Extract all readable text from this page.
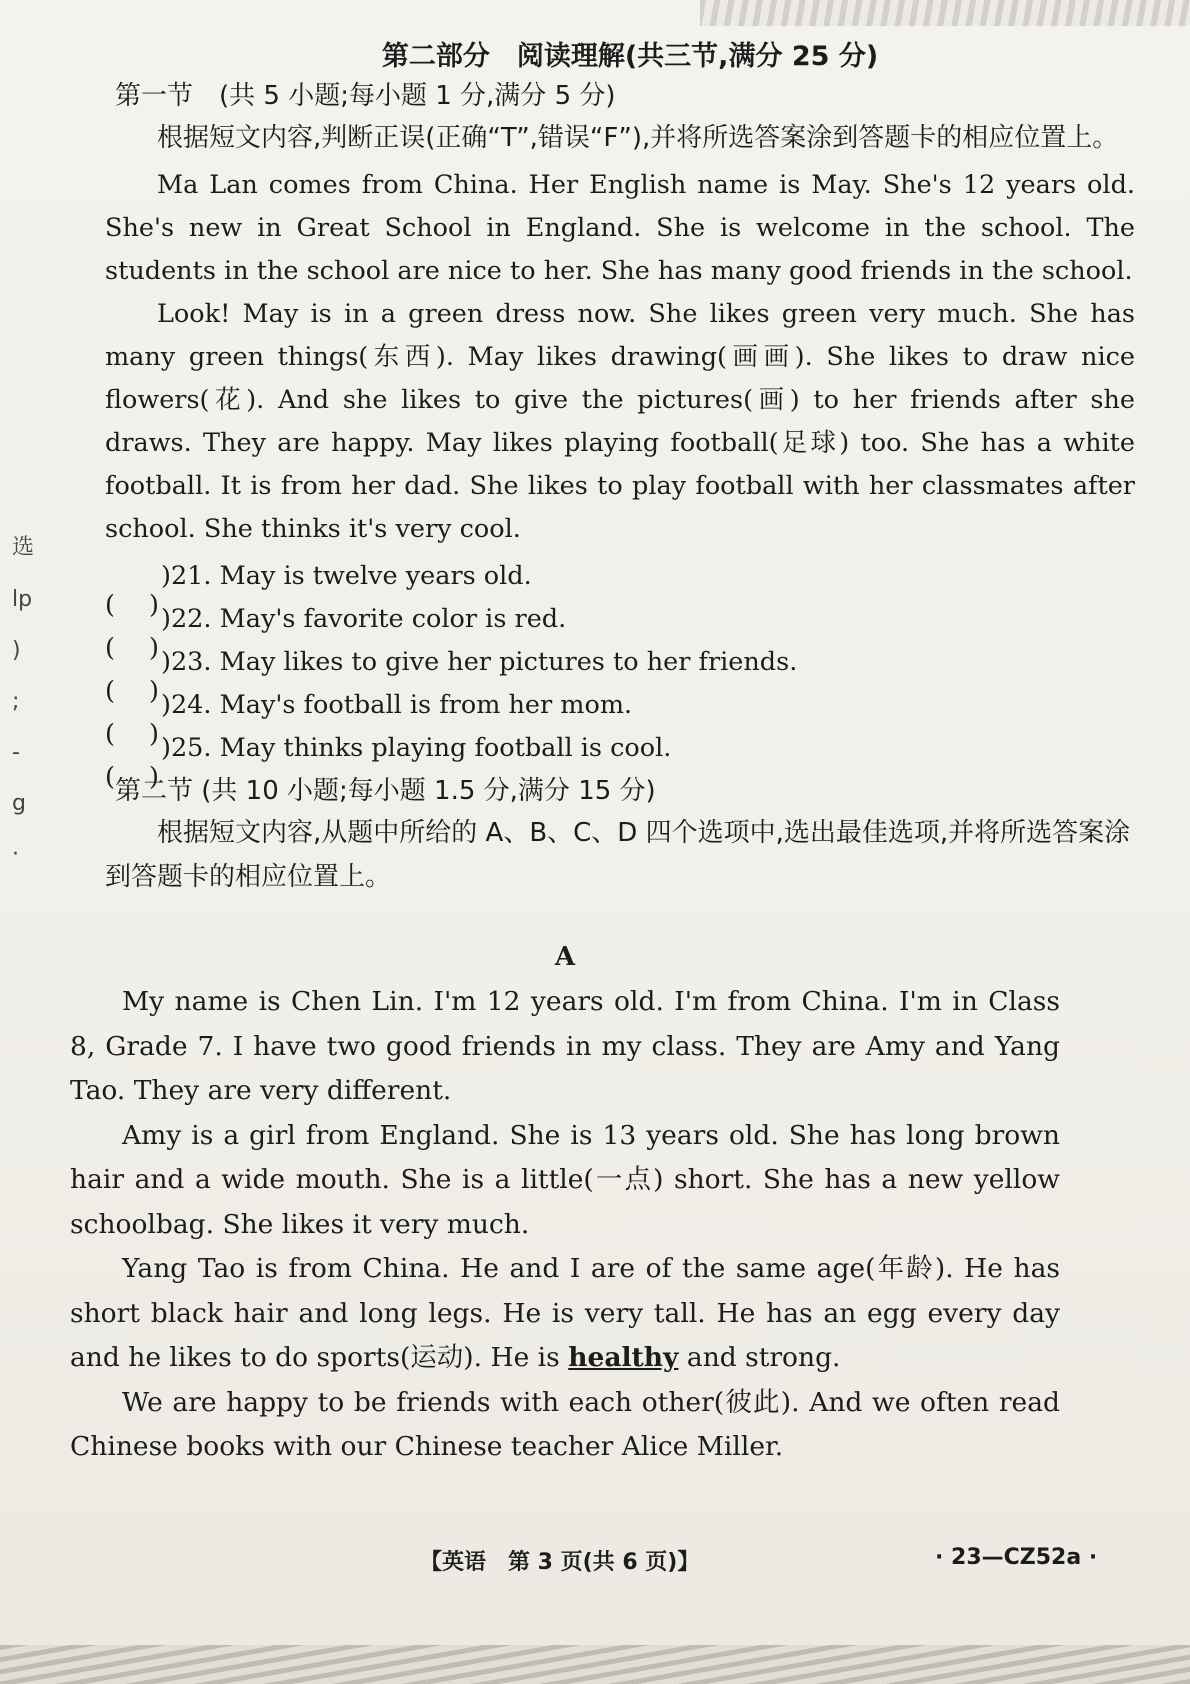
选
lp
)
;
-
g
·
第二部分　阅读理解(共三节,满分 25 分)
第一节　(共 5 小题;每小题 1 分,满分 5 分)

根据短文内容,判断正误(正确“T”,错误“F”),并将所选答案涂到答题卡的相应位置上。

Ma Lan comes from China. Her English name is May. She's 12 years old. She's new in Great School in England. She is welcome in the school. The students in the school are nice to her. She has many good friends in the school.

Look! May is in a green dress now. She likes green very much. She has many green things(东西). May likes drawing(画画). She likes to draw nice flowers(花). And she likes to give the pictures(画) to her friends after she draws. They are happy. May likes playing football(足球) too. She has a white football. It is from her dad. She likes to play football with her classmates after school. She thinks it's very cool.

)21.
May is twelve years old.
)22.
May's favorite color is red.
)23.
May likes to give her pictures to her friends.
)24.
May's football is from her mom.
)25.
May thinks playing football is cool.
第二节 (共 10 小题;每小题 1.5 分,满分 15 分)

根据短文内容,从题中所给的 A、B、C、D 四个选项中,选出最佳选项,并将所选答案涂到答题卡的相应位置上。

A

My name is Chen Lin. I'm 12 years old. I'm from China. I'm in Class 8, Grade 7. I have two good friends in my class. They are Amy and Yang Tao. They are very different.

Amy is a girl from England. She is 13 years old. She has long brown hair and a wide mouth. She is a little(一点) short. She has a new yellow schoolbag. She likes it very much.

Yang Tao is from China. He and I are of the same age(年龄). He has short black hair and long legs. He is very tall. He has an egg every day and he likes to do sports(运动). He is healthy and strong.

We are happy to be friends with each other(彼此). And we often read Chinese books with our Chinese teacher Alice Miller.

【英语　第 3 页(共 6 页)】	· 23—CZ52a ·
